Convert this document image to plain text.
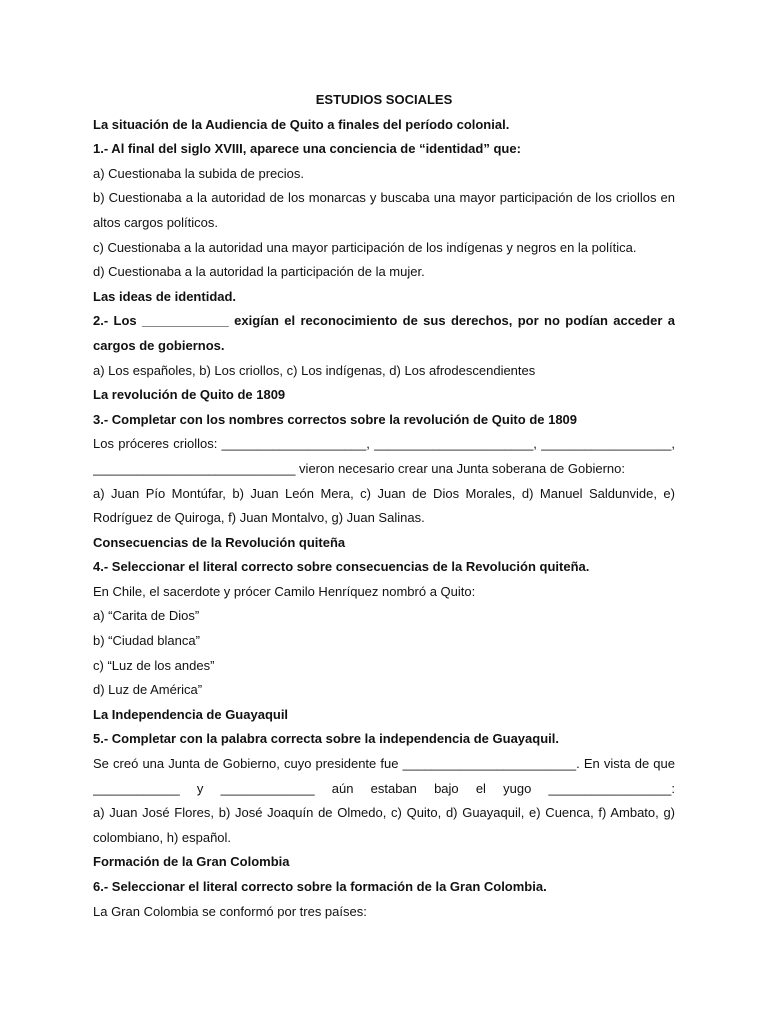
ESTUDIOS SOCIALES
La situación de la Audiencia de Quito a finales del período colonial.
1.- Al final del siglo XVIII, aparece una conciencia de “identidad” que:
a) Cuestionaba la subida de precios.
b) Cuestionaba a la autoridad de los monarcas y buscaba una mayor participación de los criollos en
altos cargos políticos.
c) Cuestionaba a la autoridad una mayor participación de los indígenas y negros en la política.
d) Cuestionaba a la autoridad la participación de la mujer.
Las ideas de identidad.
2.- Los ____________ exigían el reconocimiento de sus derechos, por no podían acceder a
cargos de gobiernos.
a) Los españoles, b) Los criollos, c) Los indígenas, d) Los afrodescendientes
La revolución de Quito de 1809
3.- Completar con los nombres correctos sobre la revolución de Quito de 1809
Los próceres criollos: ____________________, ______________________, __________________,
____________________________ vieron necesario crear una Junta soberana de Gobierno:
a) Juan Pío Montúfar, b) Juan León Mera, c) Juan de Dios Morales, d) Manuel Saldunvide, e)
Rodríguez de Quiroga, f) Juan Montalvo, g) Juan Salinas.
Consecuencias de la Revolución quiteña
4.- Seleccionar el literal correcto sobre consecuencias de la Revolución quiteña.
En Chile, el sacerdote y prócer Camilo Henríquez nombró a Quito:
a) “Carita de Dios”
b) “Ciudad blanca”
c) “Luz de los andes”
d) Luz de América”
La Independencia de Guayaquil
5.- Completar con la palabra correcta sobre la independencia de Guayaquil.
Se creó una Junta de Gobierno, cuyo presidente fue ________________________. En vista de que
____________ y _____________ aún estaban bajo el yugo _________________:
a) Juan José Flores, b) José Joaquín de Olmedo, c) Quito, d) Guayaquil, e) Cuenca, f) Ambato, g)
colombiano, h) español.
Formación de la Gran Colombia
6.- Seleccionar el literal correcto sobre la formación de la Gran Colombia.
La Gran Colombia se conformó por tres países:
